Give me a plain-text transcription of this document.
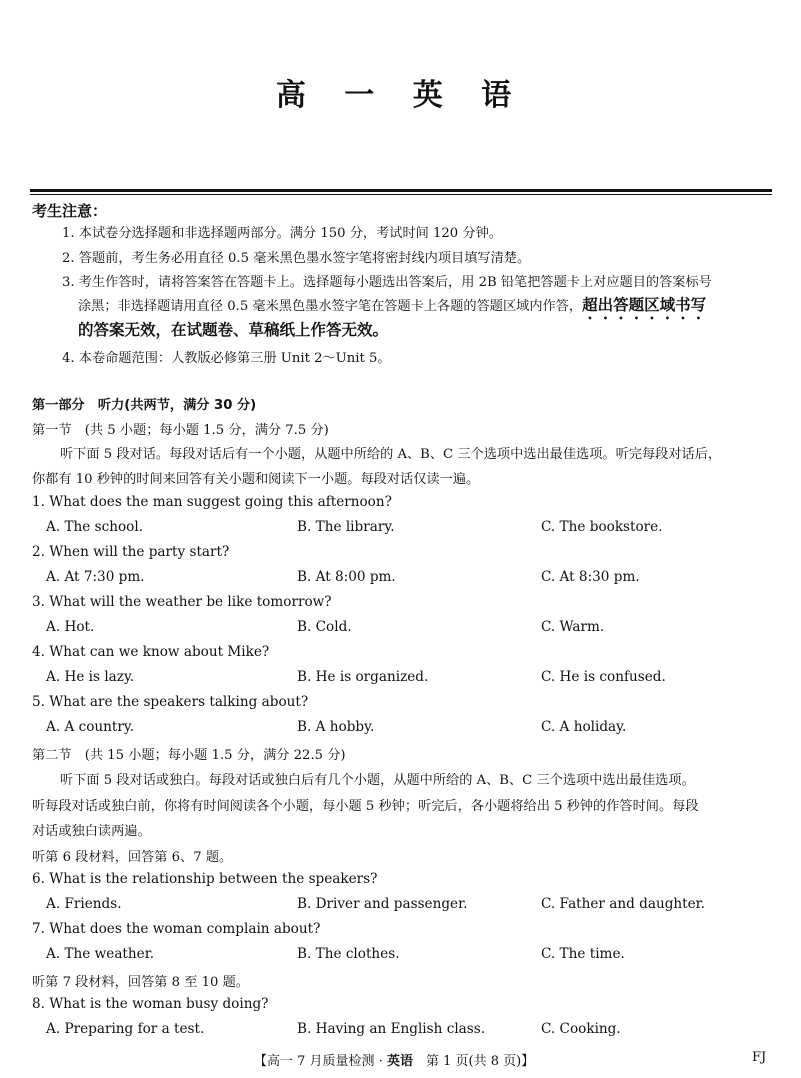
高 一 英 语
考生注意：
1. 本试卷分选择题和非选择题两部分。满分 150 分，考试时间 120 分钟。
2. 答题前，考生务必用直径 0.5 毫米黑色墨水签字笔将密封线内项目填写清楚。
3. 考生作答时，请将答案答在答题卡上。选择题每小题选出答案后，用 2B 铅笔把答题卡上对应题目的答案标号
涂黑；非选择题请用直径 0.5 毫米黑色墨水签字笔在答题卡上各题的答题区域内作答，超出答题区域书写
的答案无效，在试题卷、草稿纸上作答无效。
4. 本卷命题范围：人教版必修第三册 Unit 2～Unit 5。
第一部分　听力(共两节，满分 30 分)
第一节　(共 5 小题；每小题 1.5 分，满分 7.5 分)
听下面 5 段对话。每段对话后有一个小题，从题中所给的 A、B、C 三个选项中选出最佳选项。听完每段对话后，
你都有 10 秒钟的时间来回答有关小题和阅读下一小题。每段对话仅读一遍。
1. What does the man suggest going this afternoon?
A. The school.	B. The library.	C. The bookstore.
2. When will the party start?
A. At 7:30 pm.	B. At 8:00 pm.	C. At 8:30 pm.
3. What will the weather be like tomorrow?
A. Hot.	B. Cold.	C. Warm.
4. What can we know about Mike?
A. He is lazy.	B. He is organized.	C. He is confused.
5. What are the speakers talking about?
A. A country.	B. A hobby.	C. A holiday.
第二节　(共 15 小题；每小题 1.5 分，满分 22.5 分)
听下面 5 段对话或独白。每段对话或独白后有几个小题，从题中所给的 A、B、C 三个选项中选出最佳选项。
听每段对话或独白前，你将有时间阅读各个小题，每小题 5 秒钟；听完后，各小题将给出 5 秒钟的作答时间。每段
对话或独白读两遍。
听第 6 段材料，回答第 6、7 题。
6. What is the relationship between the speakers?
A. Friends.	B. Driver and passenger.	C. Father and daughter.
7. What does the woman complain about?
A. The weather.	B. The clothes.	C. The time.
听第 7 段材料，回答第 8 至 10 题。
8. What is the woman busy doing?
A. Preparing for a test.	B. Having an English class.	C. Cooking.
【高一 7 月质量检测 · 英语　第 1 页(共 8 页)】	FJ
